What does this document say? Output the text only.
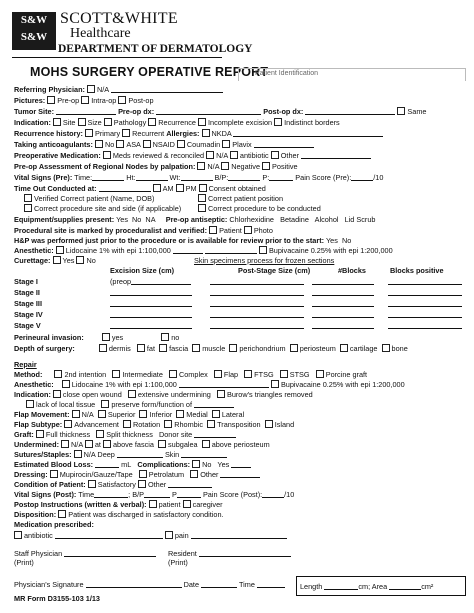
S&W
S&W
SCOTT&WHITE
Healthcare
DEPARTMENT OF DERMATOLOGY
MOHS SURGERY OPERATIVE REPORT
Patient Identification
Referring Physician: N/A
Pictures: Pre-op Intra-op Post-op
Tumor Site:	Pre-op dx:	Post-op dx:	Same
Indication: Site Size Pathology Recurrence Incomplete excision Indistinct borders
Recurrence history: Primary Recurrent Allergies: NKDA
Taking anticoagulants: No ASA NSAID Coumadin Plavix
Preoperative Medication: Meds reviewed & reconciled N/A antibiotic Other
Pre-op Assessment of Regional Nodes by palpation: N/A Negative Positive
Vital Signs (Pre): Time:	Ht:	Wt:	B/P:	P:	Pain Score (Pre):	/10
Time Out Conducted at:	AM PM Consent obtained
Verified Correct patient (Name, DOB)	Correct patient position
Correct procedure site and side (if applicable)	Correct procedure to be conducted
Equipment/supplies present: Yes No NA Pre-op antiseptic: Chlorhexidine Betadine Alcohol Lid Scrub
Procedural site is marked by proceduralist and verified: Patient Photo
H&P was performed just prior to the procedure or is available for review prior to the start: Yes No
Anesthetic: Lidocaine 1% with epi 1:100,000	Bupivacaine 0.25% with epi 1:200,000
Curettage: Yes No	Skin specimens process for frozen sections
Excision Size (cm)	Post-Stage Size (cm)	#Blocks	Blocks positive
Stage I	(preop
Stage II
Stage III
Stage IV
Stage V
Perineural invasion:	yes	no
Depth of surgery:	dermis fat fascia muscle perichondrium periosteum cartilage bone
Repair
Method:	2nd intention Intermediate Complex Flap FTSG STSG Porcine graft
Anesthetic: Lidocaine 1% with epi 1:100,000	Bupivacaine 0.25% with epi 1:200,000
Indication: close open wound extensive undermining Burow's triangles removed
lack of local tissue preserve form/function of
Flap Movement: N/A Superior Inferior Medial Lateral
Flap Subtype: Advancement Rotation Rhombic Transposition Island
Graft: Full thickness Split thickness Donor site
Undermined: N/A at above fascia subgalea above periosteum
Sutures/Staples: N/A Deep	Skin
Estimated Blood Loss:	mL Complications: No Yes
Dressing: Mupirocin/Gauze/Tape Petrolatum Other
Condition of Patient: Satisfactory Other
Vital Signs (Post): Time	; B/P	P	Pain Score (Post):	/10
Postop Instructions (written & verbal): patient caregiver
Disposition: Patient was discharged in satisfactory condition.
Medication prescribed:
antibiotic	pain
Staff Physician
(Print)
Resident
(Print)
Physician's Signature	Date	Time	Length	cm; Area	cm²
MR Form D3155-103 1/13
